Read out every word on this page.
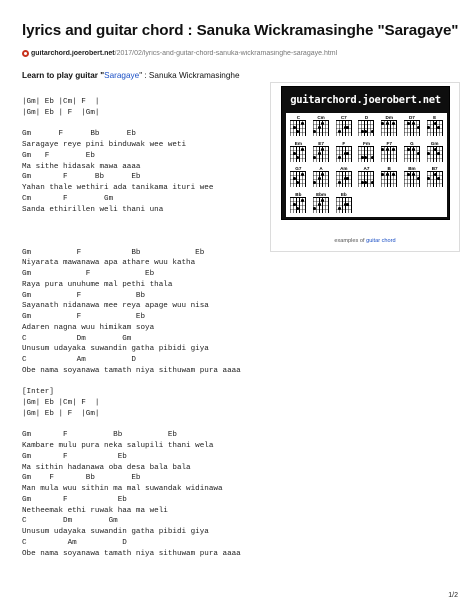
lyrics and guitar chord : Sanuka Wickramasinghe "Saragaye"
guitarchord.joerobert.net /2017/02/lyrics-and-guitar-chord-sanuka-wickramasinghe-saragaye.html
Learn to play guitar "Saragaye" : Sanuka Wickramasinghe
|Gm| Eb |Cm| F  |
|Gm| Eb | F  |Gm|
Gm      F      Bb      Eb
Saragaye reye pini binduwak wee weti
Gm   F        Eb
Ma sithe hidasak mawa aaaa
Gm       F      Bb      Eb
Yahan thale wethiri ada tanikama ituri wee
Cm       F        Gm
Sanda ethirillen weli thani una
Gm          F           Bb            Eb
Niyarata mawanawa apa athare wuu katha
Gm            F            Eb
Raya pura unuhume mal pethi thala
Gm          F            Bb
Sayanath nidanawa mee reya apage wuu nisa
Gm          F            Eb
Adaren nagna wuu himikam soya
C           Dm        Gm
Unusum udayaka suwandin gatha pibidi giya
C           Am          D
Obe nama soyanawa tamath niya sithuwam pura aaaa
[Inter]
|Gm| Eb |Cm| F  |
|Gm| Eb | F  |Gm|
Gm       F          Bb          Eb
Kambare mulu pura neka salupili thani wela
Gm       F           Eb
Ma sithin hadanawa oba desa bala bala
Gm    F       Bb        Eb
Man mula wuu sithin ma mal suwandak widinawa
Gm       F           Eb
Netheemak ethi ruwak haa ma weli
C        Dm        Gm
Unusum udayaka suwandin gatha pibidi giya
C         Am          D
Obe nama soyanawa tamath niya sithuwam pura aaaa
guitarchord.joerobert.net
C	Cm	C7	D	Dm	D7	E
Em	E7	F	Fm	F7	G	Gm
G7	A	Am	A7	B	Bm	B7
Bb	Ebm	Eb
examples of guitar chord
1/2
